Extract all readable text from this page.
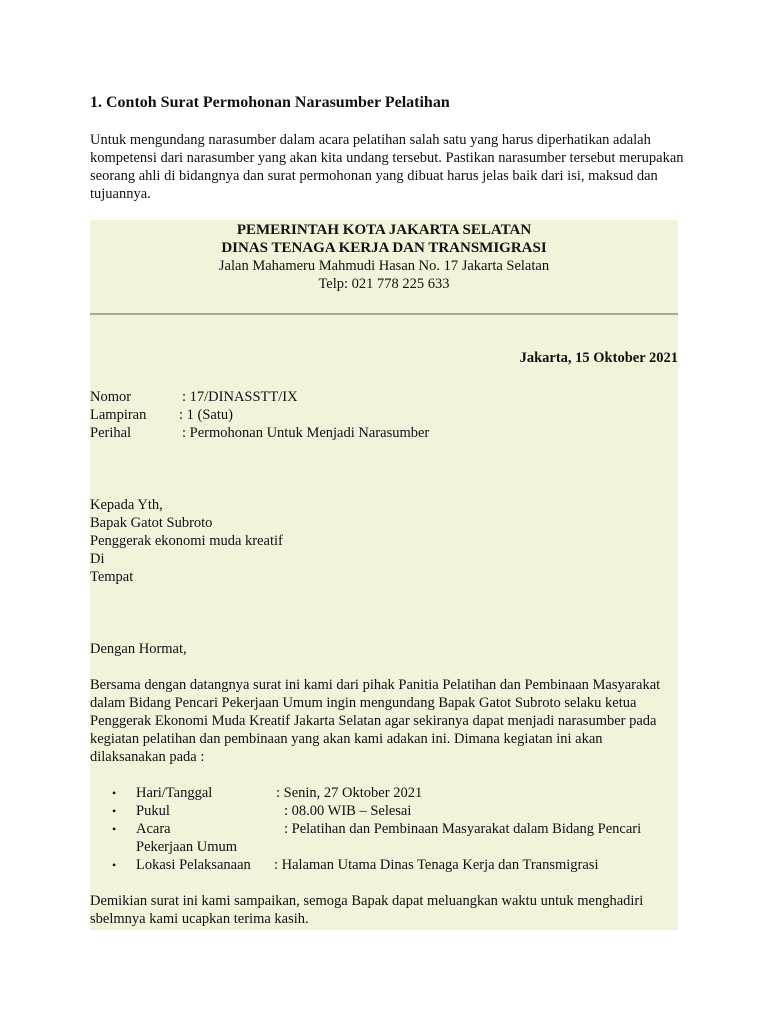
1. Contoh Surat Permohonan Narasumber Pelatihan

Untuk mengundang narasumber dalam acara pelatihan salah satu yang harus diperhatikan adalah kompetensi dari narasumber yang akan kita undang tersebut. Pastikan narasumber tersebut merupakan seorang ahli di bidangnya dan surat permohonan yang dibuat harus jelas baik dari isi, maksud dan tujuannya.

PEMERINTAH KOTA JAKARTA SELATAN
DINAS TENAGA KERJA DAN TRANSMIGRASI
Jalan Mahameru Mahmudi Hasan No. 17 Jakarta Selatan
Telp: 021 778 225 633
Jakarta, 15 Oktober 2021
Nomor	: 17/DINASSTT/IX
Lampiran : 1 (Satu)
Perihal	: Permohonan Untuk Menjadi Narasumber
Kepada Yth,
Bapak Gatot Subroto
Penggerak ekonomi muda kreatif
Di
Tempat
Dengan Hormat,

Bersama dengan datangnya surat ini kami dari pihak Panitia Pelatihan dan Pembinaan Masyarakat dalam Bidang Pencari Pekerjaan Umum ingin mengundang Bapak Gatot Subroto selaku ketua Penggerak Ekonomi Muda Kreatif Jakarta Selatan agar sekiranya dapat menjadi narasumber pada kegiatan pelatihan dan pembinaan yang akan kami adakan ini. Dimana kegiatan ini akan dilaksanakan pada :

• Hari/Tanggal	: Senin, 27 Oktober 2021
• Pukul	: 08.00 WIB – Selesai
• Acara	: Pelatihan dan Pembinaan Masyarakat dalam Bidang Pencari
Pekerjaan Umum
• Lokasi Pelaksanaan : Halaman Utama Dinas Tenaga Kerja dan Transmigrasi

Demikian surat ini kami sampaikan, semoga Bapak dapat meluangkan waktu untuk menghadiri sbelmnya kami ucapkan terima kasih.
